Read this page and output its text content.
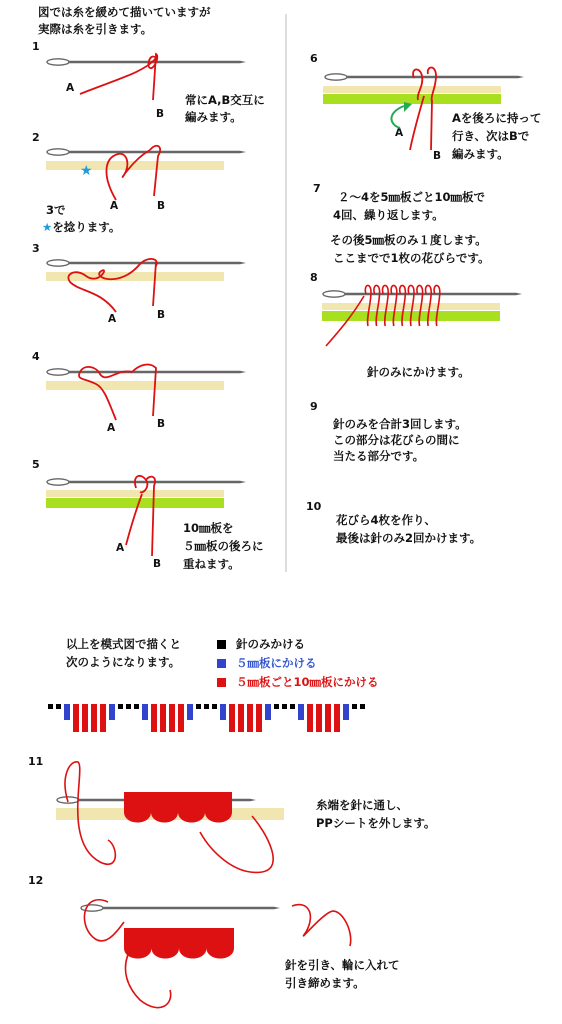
図では糸を緩めて描いていますが
実際は糸を引きます。
1
2
3
4
5
6
7
8
9
10
11
12
常にA,B交互に
編みます。
3で
★を捻ります。
10㎜板を
５㎜板の後ろに
重ねます。
Aを後ろに持って
行き、次はBで
編みます。
２～4を5㎜板ごと10㎜板で
4回、繰り返します。
その後5㎜板のみ１度します。
ここまでで1枚の花びらです。
針のみにかけます。
針のみを合計3回します。
この部分は花びらの間に
当たる部分です。
花びら4枚を作り、
最後は針のみ2回かけます。
糸端を針に通し、
PPシートを外します。
針を引き、輪に入れて
引き締めます。
A
B
A	B
A	B
A	B
A
B
A
B
以上を模式図で描くと
次のようになります。
針のみかける
５㎜板にかける
５㎜板ごと10㎜板にかける
★
